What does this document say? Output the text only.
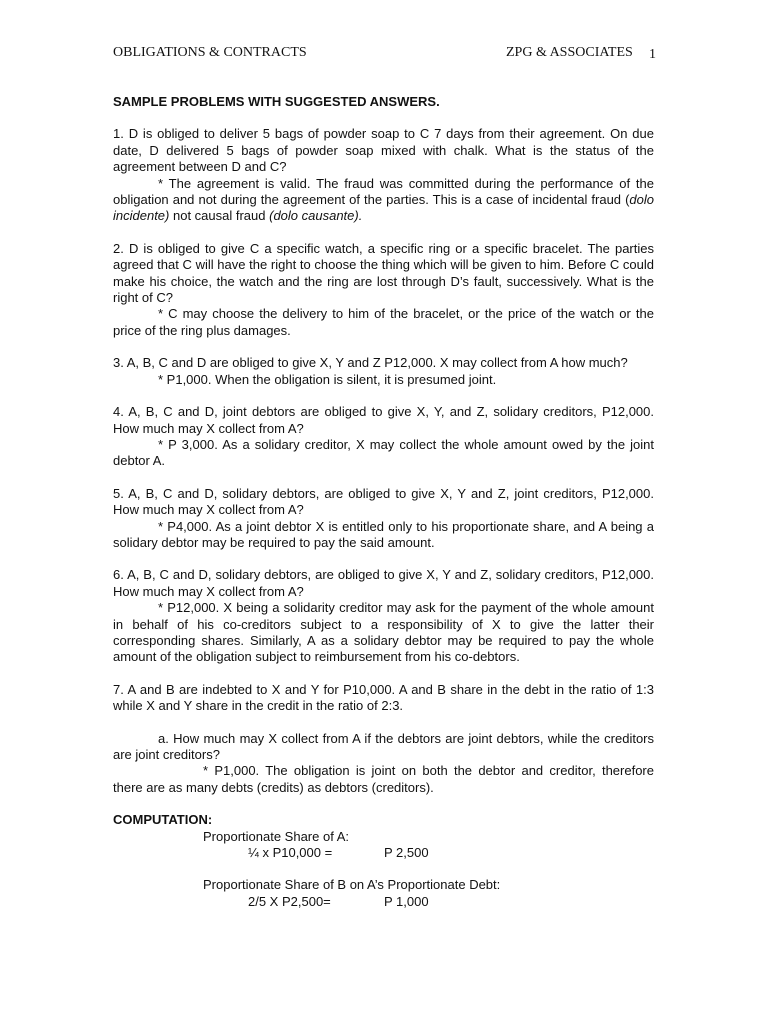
OBLIGATIONS & CONTRACTS	ZPG & ASSOCIATES 1

SAMPLE PROBLEMS WITH SUGGESTED ANSWERS.

1. D is obliged to deliver 5 bags of powder soap to C 7 days from their agreement. On due date, D delivered 5 bags of powder soap mixed with chalk. What is the status of the agreement between D and C?

* The agreement is valid. The fraud was committed during the performance of the obligation and not during the agreement of the parties. This is a case of incidental fraud (dolo incidente) not causal fraud (dolo causante).

2. D is obliged to give C a specific watch, a specific ring or a specific bracelet. The parties agreed that C will have the right to choose the thing which will be given to him. Before C could make his choice, the watch and the ring are lost through D’s fault, successively. What is the right of C?

* C may choose the delivery to him of the bracelet, or the price of the watch or the price of the ring plus damages.

3. A, B, C and D are obliged to give X, Y and Z P12,000. X may collect from A how much?

* P1,000. When the obligation is silent, it is presumed joint.

4. A, B, C and D, joint debtors are obliged to give X, Y, and Z, solidary creditors, P12,000. How much may X collect from A?

* P 3,000. As a solidary creditor, X may collect the whole amount owed by the joint debtor A.

5. A, B, C and D, solidary debtors, are obliged to give X, Y and Z, joint creditors, P12,000. How much may X collect from A?

* P4,000. As a joint debtor X is entitled only to his proportionate share, and A being a solidary debtor may be required to pay the said amount.

6. A, B, C and D, solidary debtors, are obliged to give X, Y and Z, solidary creditors, P12,000. How much may X collect from A?

* P12,000. X being a solidarity creditor may ask for the payment of the whole amount in behalf of his co-creditors subject to a responsibility of X to give the latter their corresponding shares. Similarly, A as a solidary debtor may be required to pay the whole amount of the obligation subject to reimbursement from his co-debtors.

7. A and B are indebted to X and Y for P10,000. A and B share in the debt in the ratio of 1:3 while X and Y share in the credit in the ratio of 2:3.

a. How much may X collect from A if the debtors are joint debtors, while the creditors are joint creditors?

* P1,000. The obligation is joint on both the debtor and creditor, therefore there are as many debts (credits) as debtors (creditors).

COMPUTATION:

Proportionate Share of A:
¼ x P10,000 =	P 2,500
Proportionate Share of B on A’s Proportionate Debt:
2/5 X P2,500=	P 1,000
